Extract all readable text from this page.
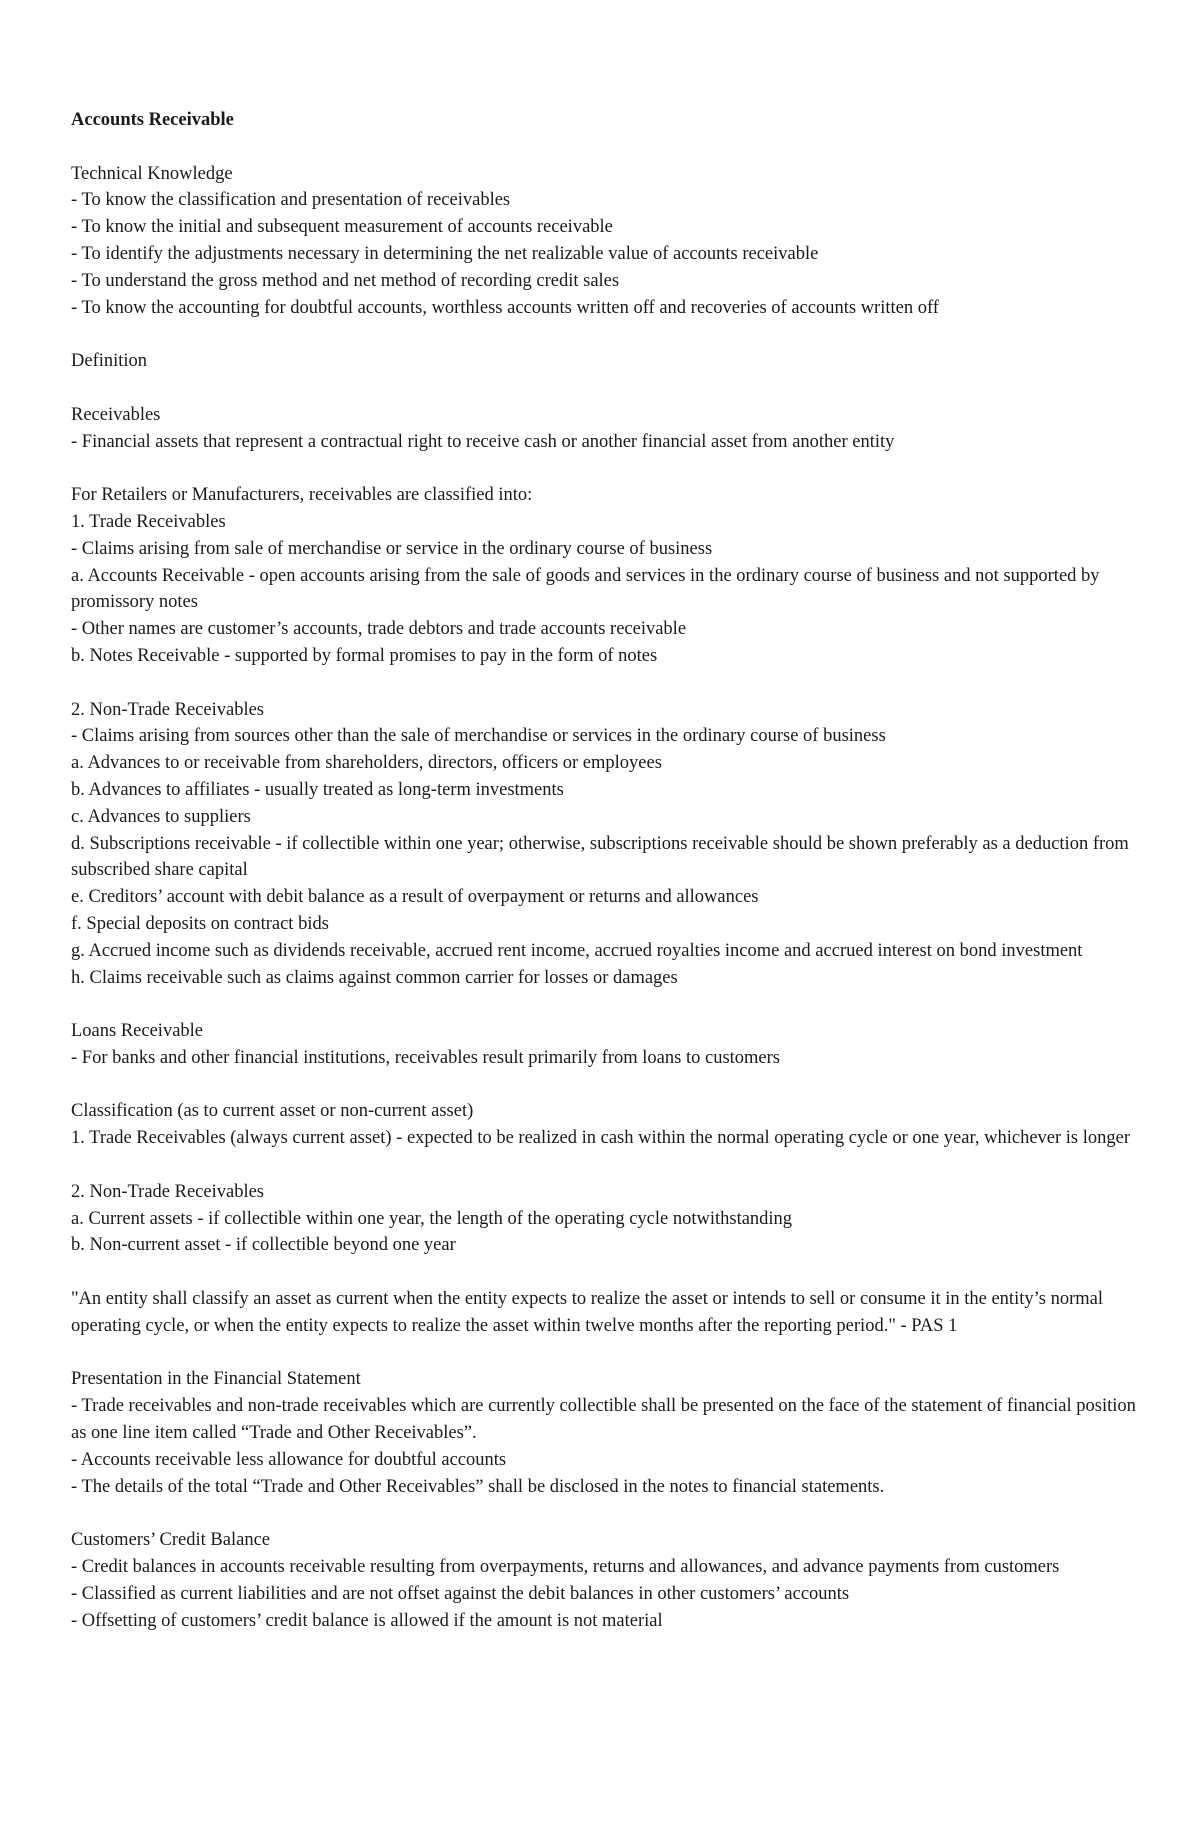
Accounts Receivable

Technical Knowledge

- To know the classification and presentation of receivables

- To know the initial and subsequent measurement of accounts receivable

- To identify the adjustments necessary in determining the net realizable value of accounts receivable

- To understand the gross method and net method of recording credit sales

- To know the accounting for doubtful accounts, worthless accounts written off and recoveries of accounts written off

Definition

Receivables

- Financial assets that represent a contractual right to receive cash or another financial asset from another entity

For Retailers or Manufacturers, receivables are classified into:

1. Trade Receivables

- Claims arising from sale of merchandise or service in the ordinary course of business

a. Accounts Receivable - open accounts arising from the sale of goods and services in the ordinary course of business and not supported by promissory notes

- Other names are customer’s accounts, trade debtors and trade accounts receivable

b. Notes Receivable - supported by formal promises to pay in the form of notes

2. Non-Trade Receivables

- Claims arising from sources other than the sale of merchandise or services in the ordinary course of business

a. Advances to or receivable from shareholders, directors, officers or employees

b. Advances to affiliates - usually treated as long-term investments

c. Advances to suppliers

d. Subscriptions receivable - if collectible within one year; otherwise, subscriptions receivable should be shown preferably as a deduction from subscribed share capital

e. Creditors’ account with debit balance as a result of overpayment or returns and allowances

f. Special deposits on contract bids

g. Accrued income such as dividends receivable, accrued rent income, accrued royalties income and accrued interest on bond investment

h. Claims receivable such as claims against common carrier for losses or damages

Loans Receivable

- For banks and other financial institutions, receivables result primarily from loans to customers

Classification (as to current asset or non-current asset)

1. Trade Receivables (always current asset) - expected to be realized in cash within the normal operating cycle or one year, whichever is longer

2. Non-Trade Receivables

a. Current assets - if collectible within one year, the length of the operating cycle notwithstanding

b. Non-current asset - if collectible beyond one year

"An entity shall classify an asset as current when the entity expects to realize the asset or intends to sell or consume it in the entity’s normal operating cycle, or when the entity expects to realize the asset within twelve months after the reporting period." - PAS 1

Presentation in the Financial Statement

- Trade receivables and non-trade receivables which are currently collectible shall be presented on the face of the statement of financial position as one line item called “Trade and Other Receivables”.

- Accounts receivable less allowance for doubtful accounts

- The details of the total “Trade and Other Receivables” shall be disclosed in the notes to financial statements.

Customers’ Credit Balance

- Credit balances in accounts receivable resulting from overpayments, returns and allowances, and advance payments from customers

- Classified as current liabilities and are not offset against the debit balances in other customers’ accounts

- Offsetting of customers’ credit balance is allowed if the amount is not material
